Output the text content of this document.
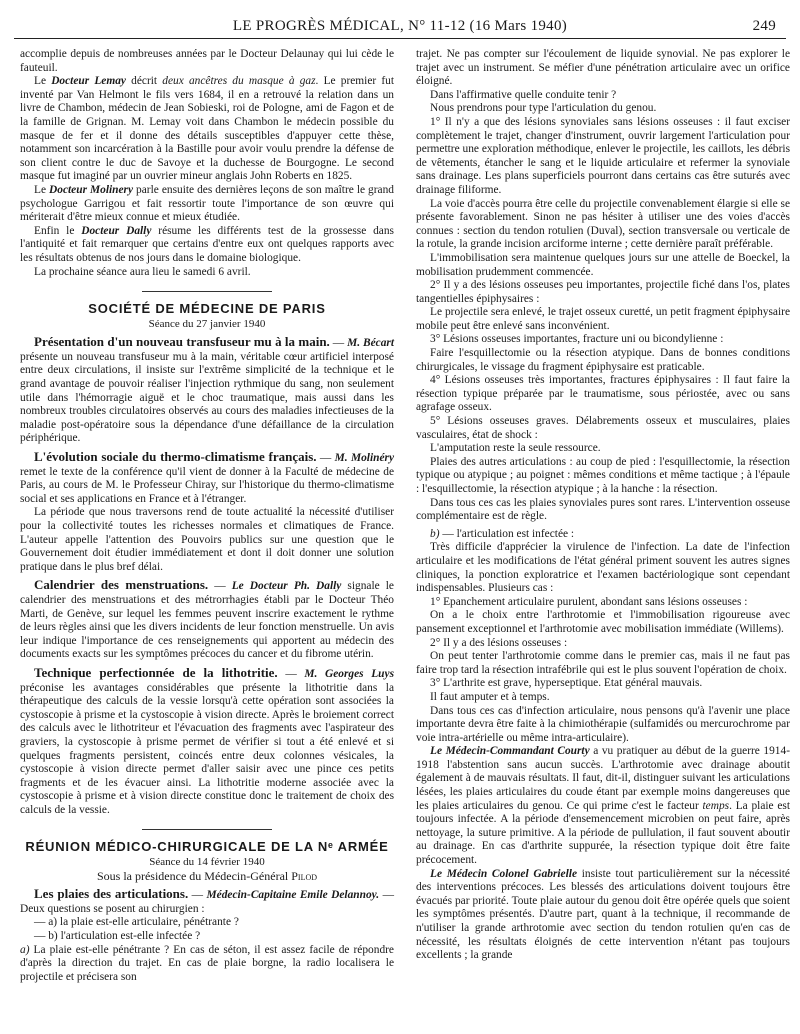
LE PROGRÈS MÉDICAL, N° 11-12 (16 Mars 1940)	249

accomplie depuis de nombreuses années par le Docteur Delaunay qui lui cède le fauteuil.

Le Docteur Lemay décrit deux ancêtres du masque à gaz. Le premier fut inventé par Van Helmont le fils vers 1684, il en a retrouvé la relation dans un livre de Chambon, médecin de Jean Sobieski, roi de Pologne, ami de Fagon et de la famille de Grignan. M. Lemay voit dans Chambon le médecin possible du masque de fer et il donne des détails susceptibles d'appuyer cette thèse, notamment son incarcération à la Bastille pour avoir voulu prendre la défense de son client contre le duc de Savoye et la duchesse de Bourgogne. Le second masque fut imaginé par un ouvrier mineur anglais John Roberts en 1825.

Le Docteur Molinery parle ensuite des dernières leçons de son maître le grand psychologue Garrigou et fait ressortir toute l'importance de son œuvre qui mériterait d'être mieux connue et mieux étudiée.

Enfin le Docteur Dally résume les différents test de la grossesse dans l'antiquité et fait remarquer que certains d'entre eux ont quelques rapports avec les résultats obtenus de nos jours dans le domaine biologique.

La prochaine séance aura lieu le samedi 6 avril.

SOCIÉTÉ DE MÉDECINE DE PARIS
Séance du 27 janvier 1940

Présentation d'un nouveau transfuseur mu à la main. — M. Bécart présente un nouveau transfuseur mu à la main, véritable cœur artificiel interposé entre deux circulations, il insiste sur l'extrême simplicité de la technique et le grand avantage de pouvoir réaliser l'injection rythmique du sang, non seulement utile dans l'hémorragie aiguë et le choc traumatique, mais aussi dans les nombreux troubles circulatoires observés au cours des maladies infectieuses de la maladie post-opératoire sous la dépendance d'une défaillance de la circulation périphérique.

L'évolution sociale du thermo-climatisme français. — M. Molinéry remet le texte de la conférence qu'il vient de donner à la Faculté de médecine de Paris, au cours de M. le Professeur Chiray, sur l'historique du thermo-climatisme social et ses applications en France et à l'étranger.

La période que nous traversons rend de toute actualité la nécessité d'utiliser pour la collectivité toutes les richesses normales et climatiques de France. L'auteur appelle l'attention des Pouvoirs publics sur une question que le Gouvernement doit étudier immédiatement et dont il doit donner une solution pratique dans le plus bref délai.

Calendrier des menstruations. — Le Docteur Ph. Dally signale le calendrier des menstruations et des métrorrhagies établi par le Docteur Théo Marti, de Genève, sur lequel les femmes peuvent inscrire exactement le rythme de leurs règles ainsi que les divers incidents de leur fonction menstruelle. Un avis leur indique l'importance de ces renseignements qui apportent au médecin des documents exacts sur les symptômes précoces du cancer et du fibrome utérin.

Technique perfectionnée de la lithotritie. — M. Georges Luys préconise les avantages considérables que présente la lithotritie dans la thérapeutique des calculs de la vessie lorsqu'à cette opération sont associées la cystoscopie à prisme et la cystoscopie à vision directe. Après le broiement correct des calculs avec le lithotriteur et l'évacuation des fragments avec l'aspirateur des graviers, la cystoscopie à prisme permet de vérifier si tout a été enlevé et si quelques fragments persistent, coincés entre deux colonnes vésicales, la cystoscopie à vision directe permet d'aller saisir avec une pince ces petits fragments et de les évacuer ainsi. La lithotritie moderne associée avec la cystoscopie à prisme et à vision directe constitue donc le traitement de choix des calculs de la vessie.

RÉUNION MÉDICO-CHIRURGICALE DE LA Nᵉ ARMÉE
Séance du 14 février 1940
Sous la présidence du Médecin-Général Pilod

Les plaies des articulations. — Médecin-Capitaine Emile Delannoy. — Deux questions se posent au chirurgien :

— a) la plaie est-elle articulaire, pénétrante ?

— b) l'articulation est-elle infectée ?

a) La plaie est-elle pénétrante ? En cas de séton, il est assez facile de répondre d'après la direction du trajet. En cas de plaie borgne, la radio localisera le projectile et précisera son

trajet. Ne pas compter sur l'écoulement de liquide synovial. Ne pas explorer le trajet avec un instrument. Se méfier d'une pénétration articulaire avec un orifice éloigné.

Dans l'affirmative quelle conduite tenir ?

Nous prendrons pour type l'articulation du genou.

1° Il n'y a que des lésions synoviales sans lésions osseuses : il faut exciser complètement le trajet, changer d'instrument, ouvrir largement l'articulation pour permettre une exploration méthodique, enlever le projectile, les caillots, les débris de vêtements, étancher le sang et le liquide articulaire et refermer la synoviale sans drainage. Les plans superficiels pourront dans certains cas être suturés avec drainage filiforme.

La voie d'accès pourra être celle du projectile convenablement élargie si elle se présente favorablement. Sinon ne pas hésiter à utiliser une des voies d'accès connues : section du tendon rotulien (Duval), section transversale ou verticale de la rotule, la grande incision arciforme interne ; cette dernière paraît préférable.

L'immobilisation sera maintenue quelques jours sur une attelle de Boeckel, la mobilisation prudemment commencée.

2° Il y a des lésions osseuses peu importantes, projectile fiché dans l'os, plates tangentielles épiphysaires :

Le projectile sera enlevé, le trajet osseux curetté, un petit fragment épiphysaire mobile peut être enlevé sans inconvénient.

3° Lésions osseuses importantes, fracture uni ou bicondylienne :

Faire l'esquillectomie ou la résection atypique. Dans de bonnes conditions chirurgicales, le vissage du fragment épiphysaire est praticable.

4° Lésions osseuses très importantes, fractures épiphysaires : Il faut faire la résection typique préparée par le traumatisme, sous périostée, avec ou sans agrafage osseux.

5° Lésions osseuses graves. Délabrements osseux et musculaires, plaies vasculaires, état de shock :

L'amputation reste la seule ressource.

Plaies des autres articulations : au coup de pied : l'esquillectomie, la résection typique ou atypique ; au poignet : mêmes conditions et même tactique ; à l'épaule : l'esquillectomie, la résection atypique ; à la hanche : la résection.

Dans tous ces cas les plaies synoviales pures sont rares. L'intervention osseuse complémentaire est de règle.

b) — l'articulation est infectée :

Très difficile d'apprécier la virulence de l'infection. La date de l'infection articulaire et les modifications de l'état général priment souvent les autres signes cliniques, la ponction exploratrice et l'examen bactériologique sont cependant indispensables. Plusieurs cas :

1° Epanchement articulaire purulent, abondant sans lésions osseuses :

On a le choix entre l'arthrotomie et l'immobilisation rigoureuse avec pansement exceptionnel et l'arthrotomie avec mobilisation immédiate (Willems).

2° Il y a des lésions osseuses :

On peut tenter l'arthrotomie comme dans le premier cas, mais il ne faut pas faire trop tard la résection intrafébrile qui est le plus souvent l'opération de choix.

3° L'arthrite est grave, hyperseptique. Etat général mauvais.

Il faut amputer et à temps.

Dans tous ces cas d'infection articulaire, nous pensons qu'à l'avenir une place importante devra être faite à la chimiothérapie (sulfamidés ou mercurochrome par voie intra-artérielle ou même intra-articulaire).

Le Médecin-Commandant Courty a vu pratiquer au début de la guerre 1914-1918 l'abstention sans aucun succès. L'arthrotomie avec drainage aboutit également à de mauvais résultats. Il faut, dit-il, distinguer suivant les articulations lésées, les plaies articulaires du coude étant par exemple moins dangereuses que les plaies articulaires du genou. Ce qui prime c'est le facteur temps. La plaie est toujours infectée. A la période d'ensemencement microbien on peut faire, après nettoyage, la suture primitive. A la période de pullulation, il faut souvent aboutir au drainage. En cas d'arthrite suppurée, la résection typique doit être faite précocement.

Le Médecin Colonel Gabrielle insiste tout particulièrement sur la nécessité des interventions précoces. Les blessés des articulations doivent toujours être évacués par priorité. Toute plaie autour du genou doit être opérée quels que soient les symptômes présentés. D'autre part, quant à la technique, il recommande de n'utiliser la grande arthrotomie avec section du tendon rotulien qu'en cas de nécessité, les résultats éloignés de cette intervention n'étant pas toujours excellents ; la grande
